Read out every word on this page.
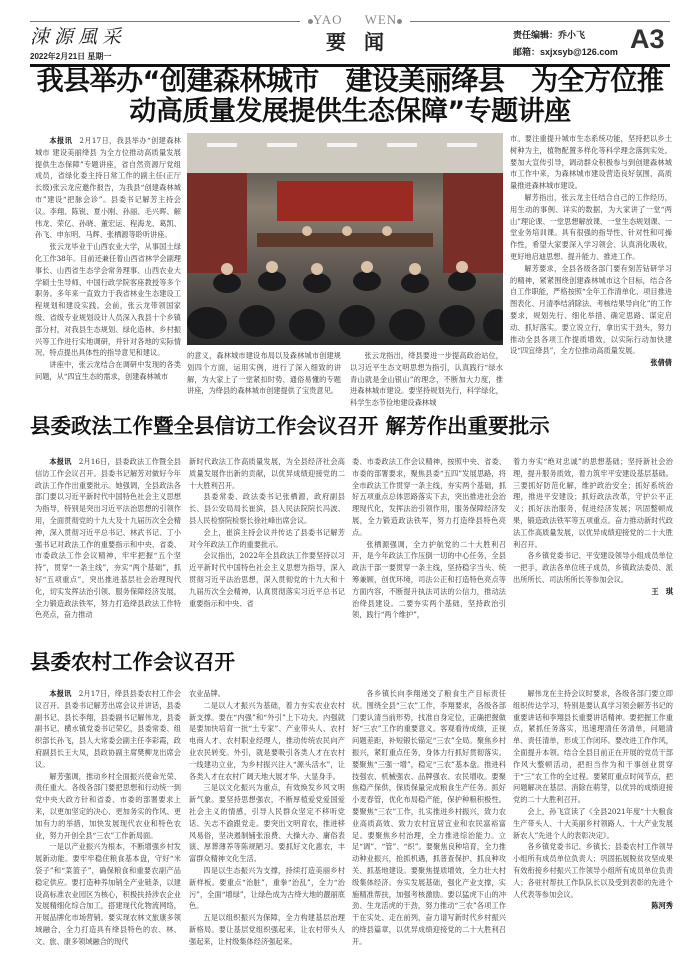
YAO WEN
涑源風采
2022年2月21日 星期一
要闻	责任编辑：乔小飞
邮箱：sxjxsyb@126.com A3
我县举办“创建森林城市　建设美丽绛县　为全方位推动高质量发展提供生态保障”专题讲座

本报讯 2月17日，我县举办“创建森林城市 建设美丽绛县 为全方位推动高质量发展提供生态保障”专题讲座，省自然资源厅党组成员，省绿化委主持日常工作的副主任(正厅长级)张云龙应邀作报告，为我县“创建森林城市”建设“把脉会诊”。县委书记解芳主持会议。李翔、陈锐、夏小刚、孙丽、毛兴晖、解伟龙、荣亿、孙晓、董宏运、程海龙、葛凯、孙飞、申东明、马辉、张栖源等聆听讲座。

张云龙毕业于山西农业大学，从事国土绿化工作38年。目前还兼任着山西省林学会副理事长、山西省生态学会常务理事、山西农业大学硕士生导师、中国行政学院客座教授等多个职务。多年来一直致力于我省林业生态建设工程规划和建设实践。会前，张云龙带领国家级、省级专业规划设计人员深入我县十个乡镇部分村，对我县生态规划、绿化造林、乡村振兴等工作进行实地调研，并针对各地的实际情况、特点提出具体性的指导意见和建议。

讲座中，张云龙结合在调研中发现的各类问题，从“四宜生态的需求，创建森林城市

的意义，森林城市建设布局以及森林城市创建规划四个方面，运用实例，进行了深入细致的讲解，为大家上了一堂紧扣时势、通俗易懂的专题讲座，为绛县的森林城市创建提供了宝贵意见。

张云龙指出，绛县要进一步提高政治站位，以习近平生态文明思想为指引，认真践行“绿水青山就是金山银山”的理念，不断加大力度，推进森林城市建设。要坚持规划先行，科学绿化，科学生态节俭地建设森林城

市。要注重提升城市生态系统功能，坚持把以乡土树种为主，植物配置多样化等科学理念落到实处。要加大宣传引导，调动群众积极参与到创建森林城市工作中来，为森林城市建设营造良好氛围，高质量推进森林城市建设。

解芳指出，张云龙主任结合自己的工作经历，用生动的事例、详实的数据，为大家讲了一堂“两山”理论课、一堂思想解放课、一堂生态规划课、一堂业务培训课。具有很强的指导性、针对性和可操作性，希望大家要深入学习领会、认真消化吸收，更好地启迪思想、提升能力、推进工作。

解芳要求，全县各级各部门要有刻苦钻研学习的精神，紧紧围绕创建森林城市这个目标，结合各自工作职能，严格按照“全年工作清单化、项目推进图表化、月清季结消除法、考核结果导向化”的工作要求，规划先行、细化举措、确定思路、谋定启动、抓好落实。要立说立行，拿出实干劲头，努力推动全县各项工作提质增效，以实际行动加快建设“四宜绛县”，全方位推动高质量发展。

张倩倩

县委政法工作暨全县信访工作会议召开 解芳作出重要批示

本报讯 2月16日，县委政法工作暨全县信访工作会议召开。县委书记解芳对做好今年政法工作作出重要批示。她强调，全县政法各部门要以习近平新时代中国特色社会主义思想为指导，特别是突出习近平法治思想的引领作用，全面贯彻党的十九大及十九届历次全会精神，深入贯彻习近平总书记、林武书记、丁小强书记对政法工作的重要指示和中央、省委、市委政法工作会议精神，牢牢把握“五个坚持”，贯穿“一条主线”，夯实“两个基础”，抓好“五项重点”，突出推进基层社会治理现代化，切实发挥法治引领、服务保障经济发展，全力锻造政法铁军，努力打造绛县政法工作特色亮点，奋力推动

新时代政法工作高质量发展，为全县经济社会高质量发展作出新的贡献，以优异成绩迎接党的二十大胜利召开。

县委常委、政法委书记张栖源，政府副县长、县公安局局长崔滨，县人民法院院长冯波、县人民检察院检察长徐社峰出席会议。

会上，崔滨主持会议并传达了县委书记解芳对今年政法工作的重要批示。

会议指出，2022年全县政法工作要坚持以习近平新时代中国特色社会主义思想为指导，深入贯彻习近平法治思想，深入贯彻党的十九大和十九届历次全会精神，认真贯彻落实习近平总书记重要指示和中央、省

委、市委政法工作会议精神，按照中央、省委、市委的部署要求，聚焦县委“五四”发展思路，将全市政法工作贯穿一条主线，夯实两个基础，抓好五项重点总体思路落实下去，突出推进社会治理现代化，发挥法治引领作用，服务保障经济发展，全力锻造政法铁军，努力打造绛县特色亮点。

张栖源强调，全力护航党的二十大胜利召开，是今年政法工作压倒一切的中心任务，全县政法干部一要贯穿一条主线，坚持稳字当头、统筹兼顾，创优环境，司法公正和打造特色亮点等方面内容，不断提升执法司法的公信力，推动法治绛县建设。二要夯实两个基础，坚持政治引领，践行“两个维护”，

着力夯实“绝对忠诚”的思想基础；坚持新社会治理，提升服务质效，着力筑牢平安建设基层基础。三要抓好防范化解，维护政治安全；抓好系统治理，推进平安建设；抓好政法改革，守护公平正义；抓好法治服务，促进经济发展；巩固整顿成果，锻造政法铁军等五项重点。奋力推动新时代政法工作高质量发展，以优异成绩迎接党的二十大胜利召开。

各乡镇党委书记、平安建设领导小组成员单位一把手，政法各单位班子成员，乡镇政法委员、派出所所长、司法所所长等参加会议。

王　琪

县委农村工作会议召开

本报讯 2月17日，绛县县委农村工作会议召开。县委书记解芳出席会议并讲话，县委副书记、县长李翔，县委副书记解伟龙，县委副书记、横水镇党委书记荣亿，县委常委、组织部长孙飞，县人大常委会副主任李彩霞，政府副县长王大凤，县政协副主席樊柳龙出席会议。

解芳强调，推动乡村全面振兴使命光荣、责任重大。各级各部门要把思想和行动统一到党中央大政方针和省委、市委的部署要求上来，以更加坚定的决心、更加务实的作风、更加有力的举措，加快发展现代农业和特色农业，努力开创全县“三农”工作新局面。

一是以产业振兴为根本，不断增强乡村发展新动能。要牢牢稳住粮食基本盘，守好“米袋子”和“菜篮子”，确保粮食和重要农副产品稳定供应。要打造种养加销全产业链条，以建设高标准农业园区为核心，积极扶持涉农企业发展精细化综合加工，搭建现代化物流网络，开展品牌化市场营销。要实现农林文旅康多领域融合，全力打造具有绛县特色的农、林、文、旅、康多领域融合的现代

农业品牌。

二是以人才振兴为基础，着力夯实农业农村新支撑。要在“内强”和“外引”上下功夫。内强就是要加快培育一批“土专家”、产业带头人、农村电商人才、农村职业经理人，推动传统农民向产业农民转变。外引，就是要吸引各类人才在农村一线建功立业，为乡村振兴注入“源头活水”，让各类人才在农村广阔天地大展才华、大显身手。

三是以文化振兴为重点，有效焕发乡风文明新气象。要坚持思想强农，不断厚植爱党爱国爱社会主义的情感，引导人民群众坚定不移听党话、矢志不渝跟党走。要突出文明育农，推进移风易俗，坚决遏制铺张浪费、大操大办、庸俗表演、厚葬薄养等陈规陋习。要抓好文化惠农，丰富群众精神文化生活。

四是以生态振兴为支撑，持续打造美丽乡村新样板。要重点“治脏”，重拳“治乱”，全力“治污”，全面“增绿”，让绿色成为古绛大地的靓丽底色。

五是以组织振兴为保障，全力构建基层治理新格局。要让基层党组织强起来，让农村带头人强起来，让村级集体经济强起来。

各乡镇长向李翔递交了粮食生产目标责任状。围绕全县“三农”工作，李翔要求，各级各部门要认清当前形势，找准自身定位，正确把握做好“三农”工作的重要意义。客观看待成绩，正视问题差距，补短锻长锚定“三农”全局。聚焦乡村振兴，紧盯重点任务，身体力行抓好贯彻落实。要聚焦“三强一增”，稳定“三农”基本盘。推进科技强农、机械强农、品牌强农、农民增收。要聚焦稳产保供，保质保量完成粮食生产任务。抓好小麦春管，优化布局稳产能，保护种粮积极性。要聚焦“三农”工作，扎实推进乡村振兴，致力农业高质高效、致力农村宜居宜业和农民富裕富足。要聚焦乡村治理，全力推进综治能力。立足“调”、“管”、“织”。要聚焦良种培育，全力推动种业振兴，抢抓机遇，抓普查保护、抓良种攻关、抓基地建设。要聚焦提质增效，全力壮大村级集体经济。夯实发展基础，强化产业支撑，实施精准帮扶，加强考核激励。要以猛虎下山的冲劲、生龙活虎的干劲，努力推动“三农”各项工作干在实处、走在前列，奋力谱写新时代乡村振兴的绛县篇章，以优异成绩迎接党的二十大胜利召开。

解伟龙在主持会议时要求，各级各部门要立即组织传达学习，特别是要认真学习领会解芳书记的重要讲话和李翔县长重要讲话精神。要把握工作重点，紧抓任务落实，迅速理清任务清单，问题清单、责任清单，形成工作闭环。要改进工作作风，全面提升本领。结合全县目前正在开展的党员干部作风大整顿活动，把担当作为和干事创业贯穿于“三”农工作的全过程。要紧盯重点时间节点，把问题解决在基层、消除在萌芽，以优异的成绩迎接党的二十大胜利召开。

会上，孙飞宣读了《全县2021年度“十大粮食生产带头人、十大美丽乡村领路人、十大产业发展新农人”先进个人的表彰决定》。

各乡镇党委书记、乡镇长；县委农村工作领导小组所有成员单位负责人；巩固拓展脱贫攻坚成果有效衔接乡村振兴工作领导小组所有成员单位负责人；各驻村帮扶工作队队长以及受到表彰的先进个人代表等参加会议。

陈河秀
